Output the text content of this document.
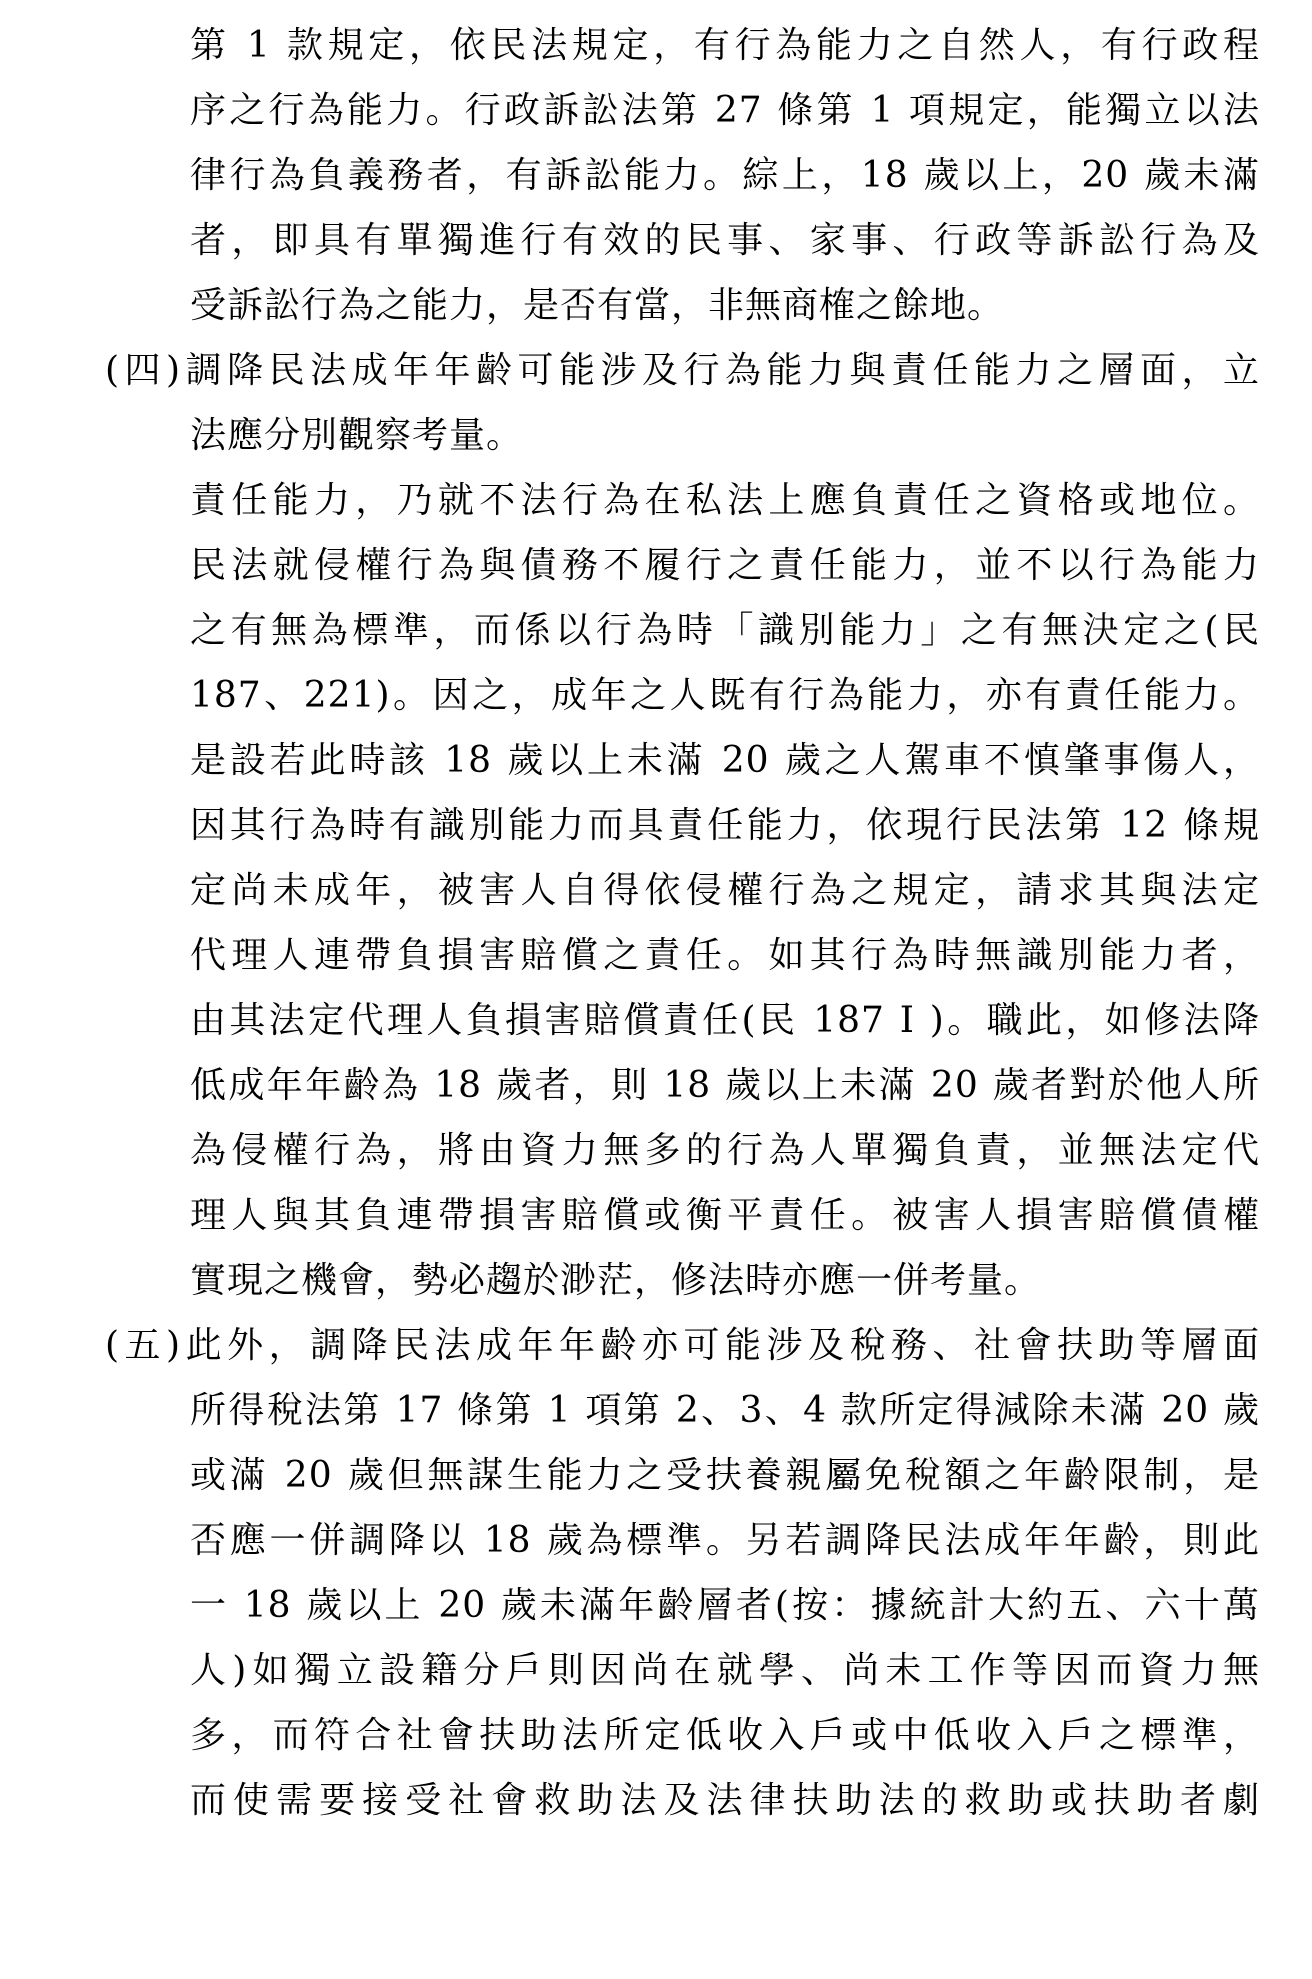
第 1 款規定，依民法規定，有行為能力之自然人，有行政程
序之行為能力。行政訴訟法第 27 條第 1 項規定，能獨立以法
律行為負義務者，有訴訟能力。綜上，18 歲以上，20 歲未滿
者，即具有單獨進行有效的民事、家事、行政等訴訟行為及
受訴訟行為之能力，是否有當，非無商榷之餘地。
(四)調降民法成年年齡可能涉及行為能力與責任能力之層面，立
法應分別觀察考量。
責任能力，乃就不法行為在私法上應負責任之資格或地位。
民法就侵權行為與債務不履行之責任能力，並不以行為能力
之有無為標準，而係以行為時「識別能力」之有無決定之(民
187、221)。因之，成年之人既有行為能力，亦有責任能力。
是設若此時該 18 歲以上未滿 20 歲之人駕車不慎肇事傷人，
因其行為時有識別能力而具責任能力，依現行民法第 12 條規
定尚未成年，被害人自得依侵權行為之規定，請求其與法定
代理人連帶負損害賠償之責任。如其行為時無識別能力者，
由其法定代理人負損害賠償責任(民 187 I )。職此，如修法降
低成年年齡為 18 歲者，則 18 歲以上未滿 20 歲者對於他人所
為侵權行為，將由資力無多的行為人單獨負責，並無法定代
理人與其負連帶損害賠償或衡平責任。被害人損害賠償債權
實現之機會，勢必趨於渺茫，修法時亦應一併考量。
(五)此外，調降民法成年年齡亦可能涉及稅務、社會扶助等層面
所得稅法第 17 條第 1 項第 2、3、4 款所定得減除未滿 20 歲
或滿 20 歲但無謀生能力之受扶養親屬免稅額之年齡限制，是
否應一併調降以 18 歲為標準。另若調降民法成年年齡，則此
一 18 歲以上 20 歲未滿年齡層者(按：據統計大約五、六十萬
人)如獨立設籍分戶則因尚在就學、尚未工作等因而資力無
多，而符合社會扶助法所定低收入戶或中低收入戶之標準，
而使需要接受社會救助法及法律扶助法的救助或扶助者劇
